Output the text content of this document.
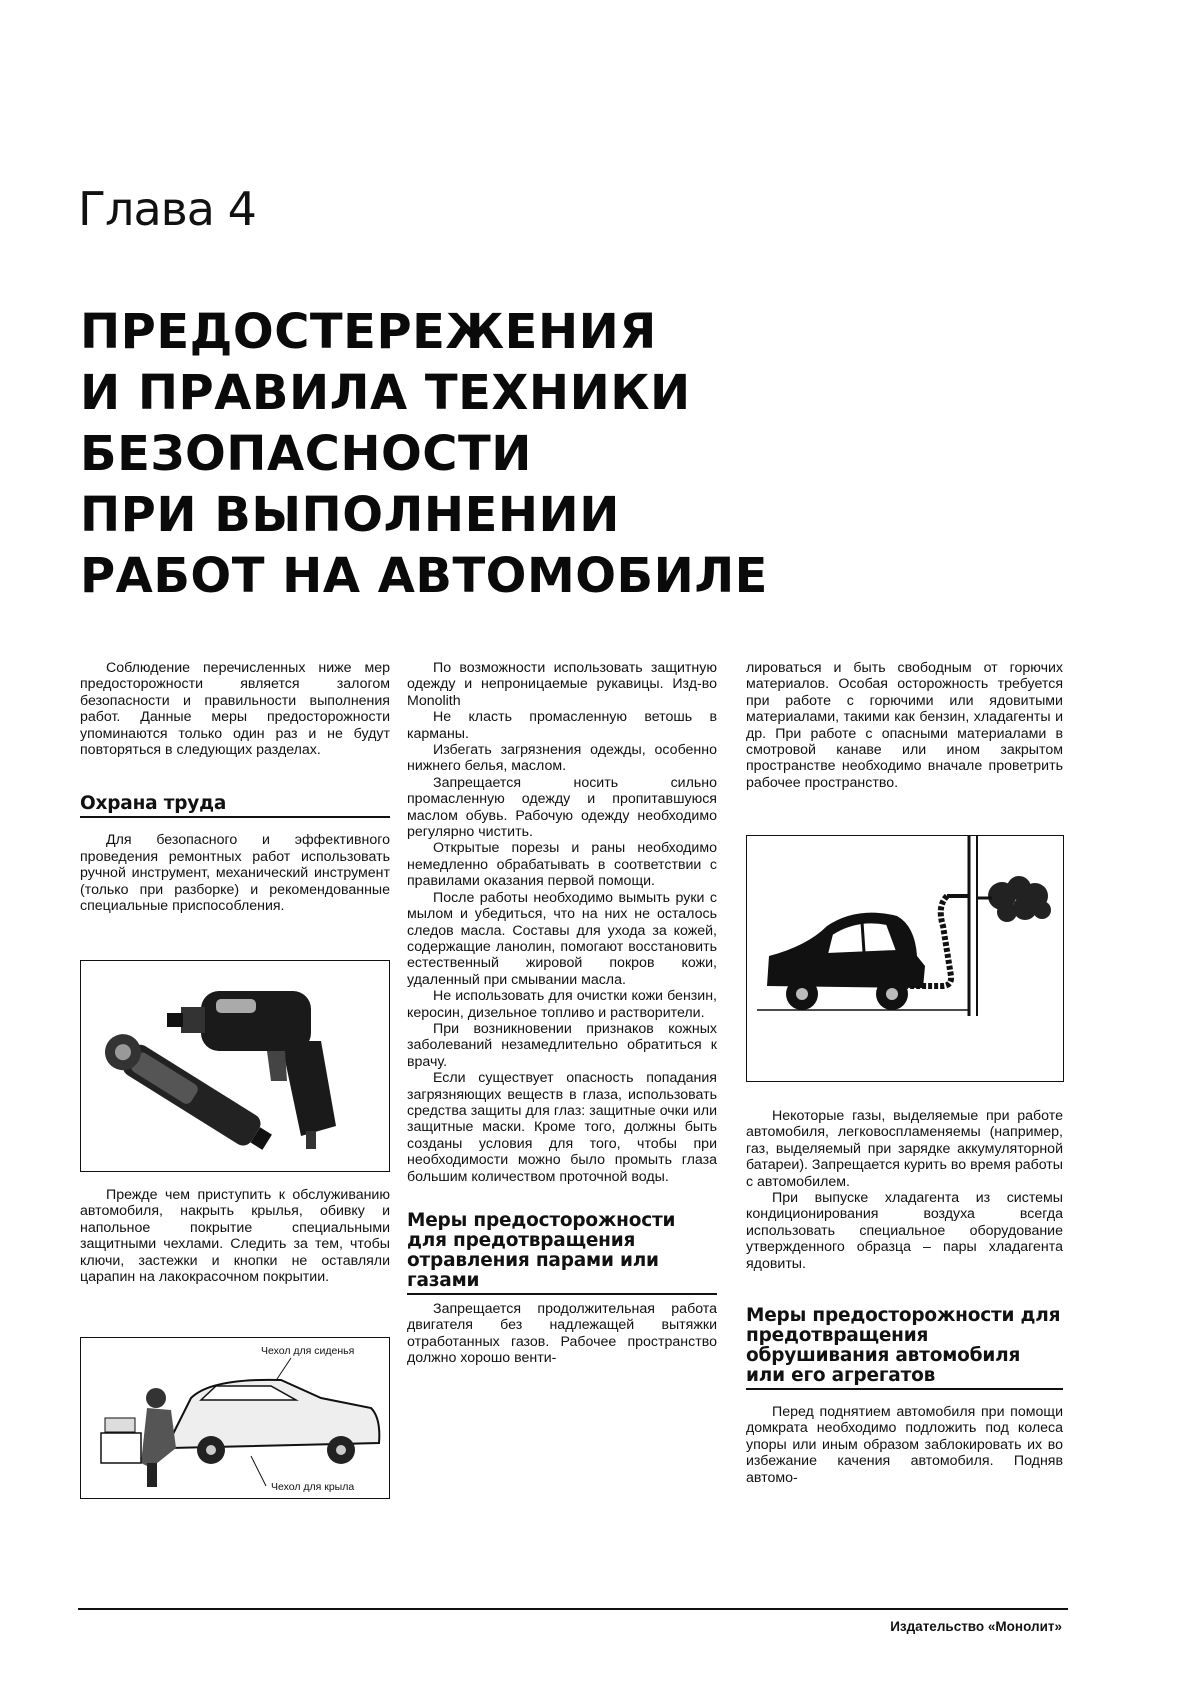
Глава 4
ПРЕДОСТЕРЕЖЕНИЯ
И ПРАВИЛА ТЕХНИКИ
БЕЗОПАСНОСТИ
ПРИ ВЫПОЛНЕНИИ
РАБОТ НА АВТОМОБИЛЕ

Соблюдение перечисленных ниже мер предосторожности является залогом безопасности и правильности выполнения работ. Данные меры предосторожности упоминаются только один раз и не будут повторяться в следующих разделах.

Охрана труда

Для безопасного и эффективного проведения ремонтных работ использовать ручной инструмент, механический инструмент (только при разборке) и рекомендованные специальные приспособления.

Прежде чем приступить к обслуживанию автомобиля, накрыть крылья, обивку и напольное покрытие специальными защитными чехлами. Следить за тем, чтобы ключи, застежки и кнопки не оставляли царапин на лакокрасочном покрытии.

Чехол для сиденья
Чехол для крыла

По возможности использовать защитную одежду и непроницаемые рукавицы. Изд-во Monolith

Не класть промасленную ветошь в карманы.

Избегать загрязнения одежды, особенно нижнего белья, маслом.

Запрещается носить сильно промасленную одежду и пропитавшуюся маслом обувь. Рабочую одежду необходимо регулярно чистить.

Открытые порезы и раны необходимо немедленно обрабатывать в соответствии с правилами оказания первой помощи.

После работы необходимо вымыть руки с мылом и убедиться, что на них не осталось следов масла. Составы для ухода за кожей, содержащие ланолин, помогают восстановить естественный жировой покров кожи, удаленный при смывании масла.

Не использовать для очистки кожи бензин, керосин, дизельное топливо и растворители.

При возникновении признаков кожных заболеваний незамедлительно обратиться к врачу.

Если существует опасность попадания загрязняющих веществ в глаза, использовать средства защиты для глаз: защитные очки или защитные маски. Кроме того, должны быть созданы условия для того, чтобы при необходимости можно было промыть глаза большим количеством проточной воды.

Меры предосторожности для предотвращения отравления парами или газами

Запрещается продолжительная работа двигателя без надлежащей вытяжки отработанных газов. Рабочее пространство должно хорошо венти-

лироваться и быть свободным от горючих материалов. Особая осторожность требуется при работе с горючими или ядовитыми материалами, такими как бензин, хладагенты и др. При работе с опасными материалами в смотровой канаве или ином закрытом пространстве необходимо вначале проветрить рабочее пространство.

Некоторые газы, выделяемые при работе автомобиля, легковоспламеняемы (например, газ, выделяемый при зарядке аккумуляторной батареи). Запрещается курить во время работы с автомобилем.

При выпуске хладагента из системы кондиционирования воздуха всегда использовать специальное оборудование утвержденного образца – пары хладагента ядовиты.

Меры предосторожности для предотвращения обрушивания автомобиля или его агрегатов

Перед поднятием автомобиля при помощи домкрата необходимо подложить под колеса упоры или иным образом заблокировать их во избежание качения автомобиля. Подняв автомо-

Издательство «Монолит»
